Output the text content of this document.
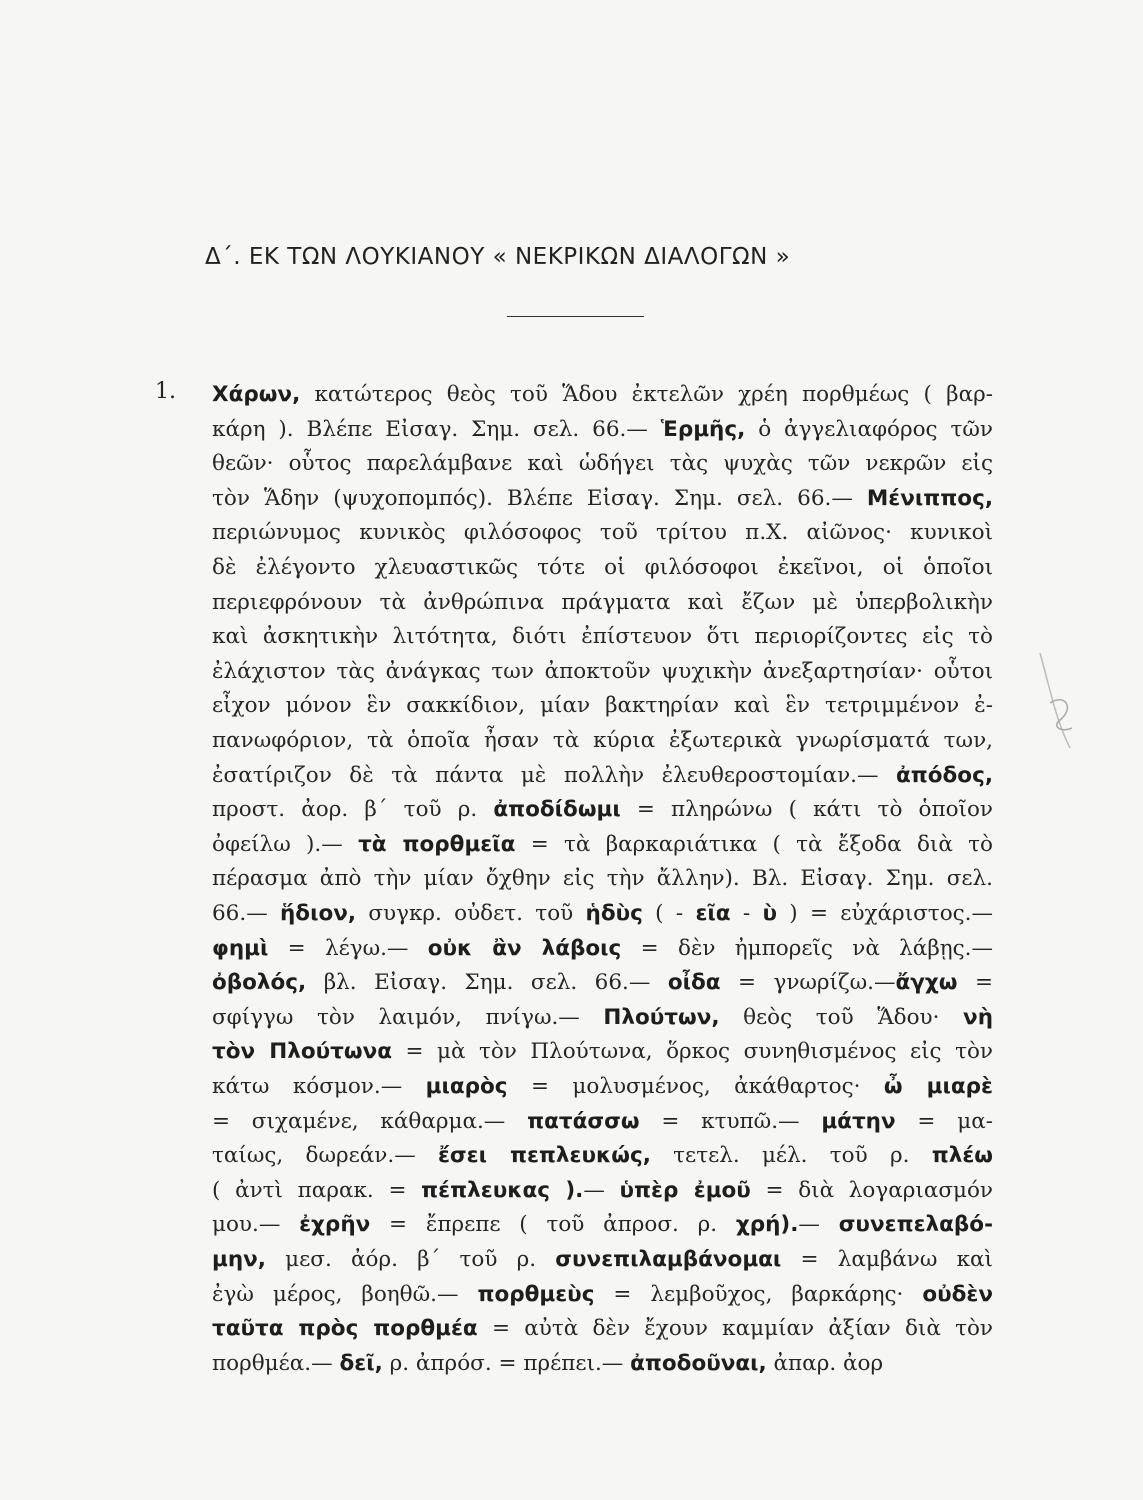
Δ΄. ΕΚ ΤΩΝ ΛΟΥΚΙΑΝΟΥ « ΝΕΚΡΙΚΩΝ ΔΙΑΛΟΓΩΝ »
1. Χάρων, κατώτερος θεὸς τοῦ Ἅδου ἐκτελῶν χρέη πορθμέως ( βαρ-
κάρη ). Βλέπε Εἰσαγ. Σημ. σελ. 66.— Ἑρμῆς, ὁ ἀγγελιαφόρος τῶν
θεῶν· οὗτος παρελάμβανε καὶ ὡδήγει τὰς ψυχὰς τῶν νεκρῶν εἰς
τὸν Ἅδην (ψυχοπομπός). Βλέπε Εἰσαγ. Σημ. σελ. 66.— Μένιππος,
περιώνυμος κυνικὸς φιλόσοφος τοῦ τρίτου π.Χ. αἰῶνος· κυνικοὶ
δὲ ἐλέγοντο χλευαστικῶς τότε οἱ φιλόσοφοι ἐκεῖνοι, οἱ ὁποῖοι
περιεφρόνουν τὰ ἀνθρώπινα πράγματα καὶ ἔζων μὲ ὑπερβολικὴν
καὶ ἀσκητικὴν λιτότητα, διότι ἐπίστευον ὅτι περιορίζοντες εἰς τὸ
ἐλάχιστον τὰς ἀνάγκας των ἀποκτοῦν ψυχικὴν ἀνεξαρτησίαν· οὗτοι
εἶχον μόνον ἓν σακκίδιον, μίαν βακτηρίαν καὶ ἓν τετριμμένον ἐ-
πανωφόριον, τὰ ὁποῖα ἦσαν τὰ κύρια ἐξωτερικὰ γνωρίσματά των,
ἐσατίριζον δὲ τὰ πάντα μὲ πολλὴν ἐλευθεροστομίαν.— ἀπόδος,
προστ. ἀορ. β΄ τοῦ ρ. ἀποδίδωμι = πληρώνω ( κάτι τὸ ὁποῖον
ὀφείλω ).— τὰ πορθμεῖα = τὰ βαρκαριάτικα ( τὰ ἔξοδα διὰ τὸ
πέρασμα ἀπὸ τὴν μίαν ὄχθην εἰς τὴν ἄλλην). Βλ. Εἰσαγ. Σημ. σελ.
66.— ἥδιον, συγκρ. οὐδετ. τοῦ ἡδὺς ( - εῖα - ὺ ) = εὐχάριστος.—
φημὶ = λέγω.— οὐκ ἂν λάβοις = δὲν ἠμπορεῖς νὰ λάβῃς.—
ὀβολός, βλ. Εἰσαγ. Σημ. σελ. 66.— οἶδα = γνωρίζω.—ἄγχω =
σφίγγω τὸν λαιμόν, πνίγω.— Πλούτων, θεὸς τοῦ Ἅδου· νὴ
τὸν Πλούτωνα = μὰ τὸν Πλούτωνα, ὅρκος συνηθισμένος εἰς τὸν
κάτω κόσμον.— μιαρὸς = μολυσμένος, ἀκάθαρτος· ὦ μιαρὲ
= σιχαμένε, κάθαρμα.— πατάσσω = κτυπῶ.— μάτην = μα-
ταίως, δωρεάν.— ἔσει πεπλευκώς, τετελ. μέλ. τοῦ ρ. πλέω
( ἀντὶ παρακ. = πέπλευκας ).— ὑπὲρ ἐμοῦ = διὰ λογαριασμόν
μου.— ἐχρῆν = ἔπρεπε ( τοῦ ἀπροσ. ρ. χρή).— συνεπελαβό-
μην, μεσ. ἀόρ. β΄ τοῦ ρ. συνεπιλαμβάνομαι = λαμβάνω καὶ
ἐγὼ μέρος, βοηθῶ.— πορθμεὺς = λεμβοῦχος, βαρκάρης· οὐδὲν
ταῦτα πρὸς πορθμέα = αὐτὰ δὲν ἔχουν καμμίαν ἀξίαν διὰ τὸν
πορθμέα.— δεῖ, ρ. ἀπρόσ. = πρέπει.— ἀποδοῦναι, ἀπαρ. ἀορ
